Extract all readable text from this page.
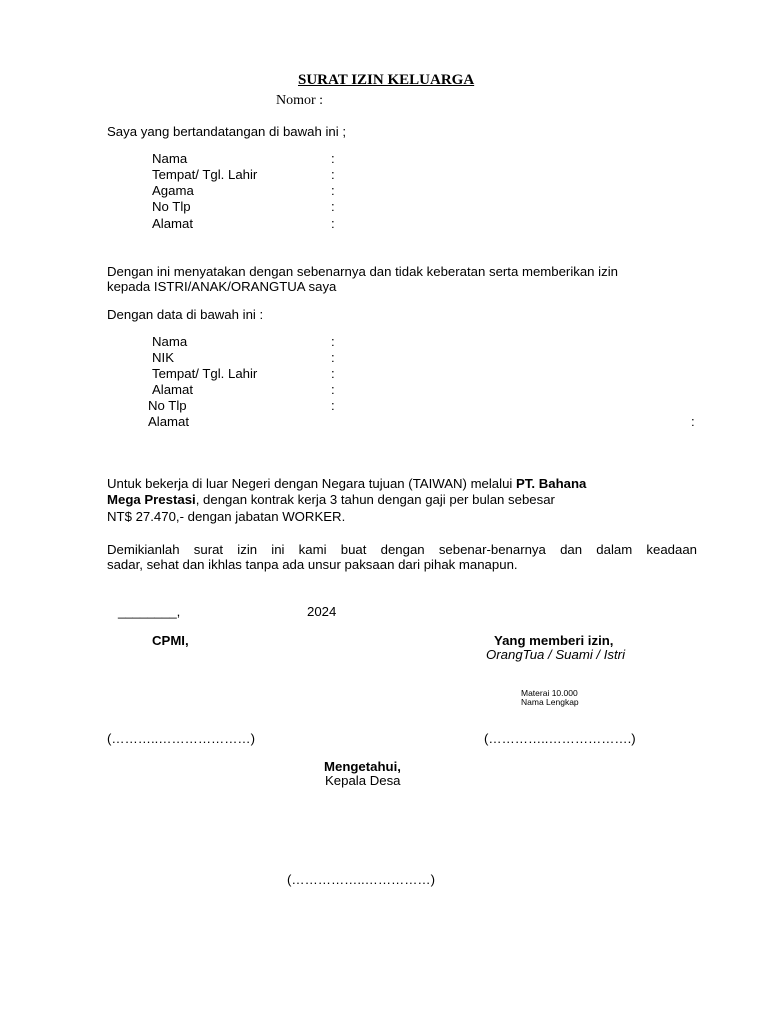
SURAT IZIN KELUARGA
Nomor :
Saya yang bertandatangan di bawah ini ;
Nama	:
Tempat/ Tgl. Lahir	:
Agama	:
No Tlp	:
Alamat	:
Dengan ini menyatakan dengan sebenarnya dan tidak keberatan serta memberikan izin
kepada ISTRI/ANAK/ORANGTUA saya
Dengan data di bawah ini :
Nama	:
NIK	:
Tempat/ Tgl. Lahir	:
Alamat	:
No Tlp	:
Alamat	:
Untuk bekerja di luar Negeri dengan Negara tujuan (TAIWAN) melalui PT. Bahana
Mega Prestasi, dengan kontrak kerja 3 tahun dengan gaji per bulan sebesar
NT$ 27.470,- dengan jabatan WORKER.
Demikianlah surat izin ini kami buat dengan sebenar-benarnya dan dalam keadaan
sadar, sehat dan ikhlas tanpa ada unsur paksaan dari pihak manapun.
________,	2024
CPMI,
(………..…………………)
Yang memberi izin,
OrangTua / Suami / Istri
Materai 10.000
Nama Lengkap
(…………..……………….)
Mengetahui,
Kepala Desa
(……………..……………)
